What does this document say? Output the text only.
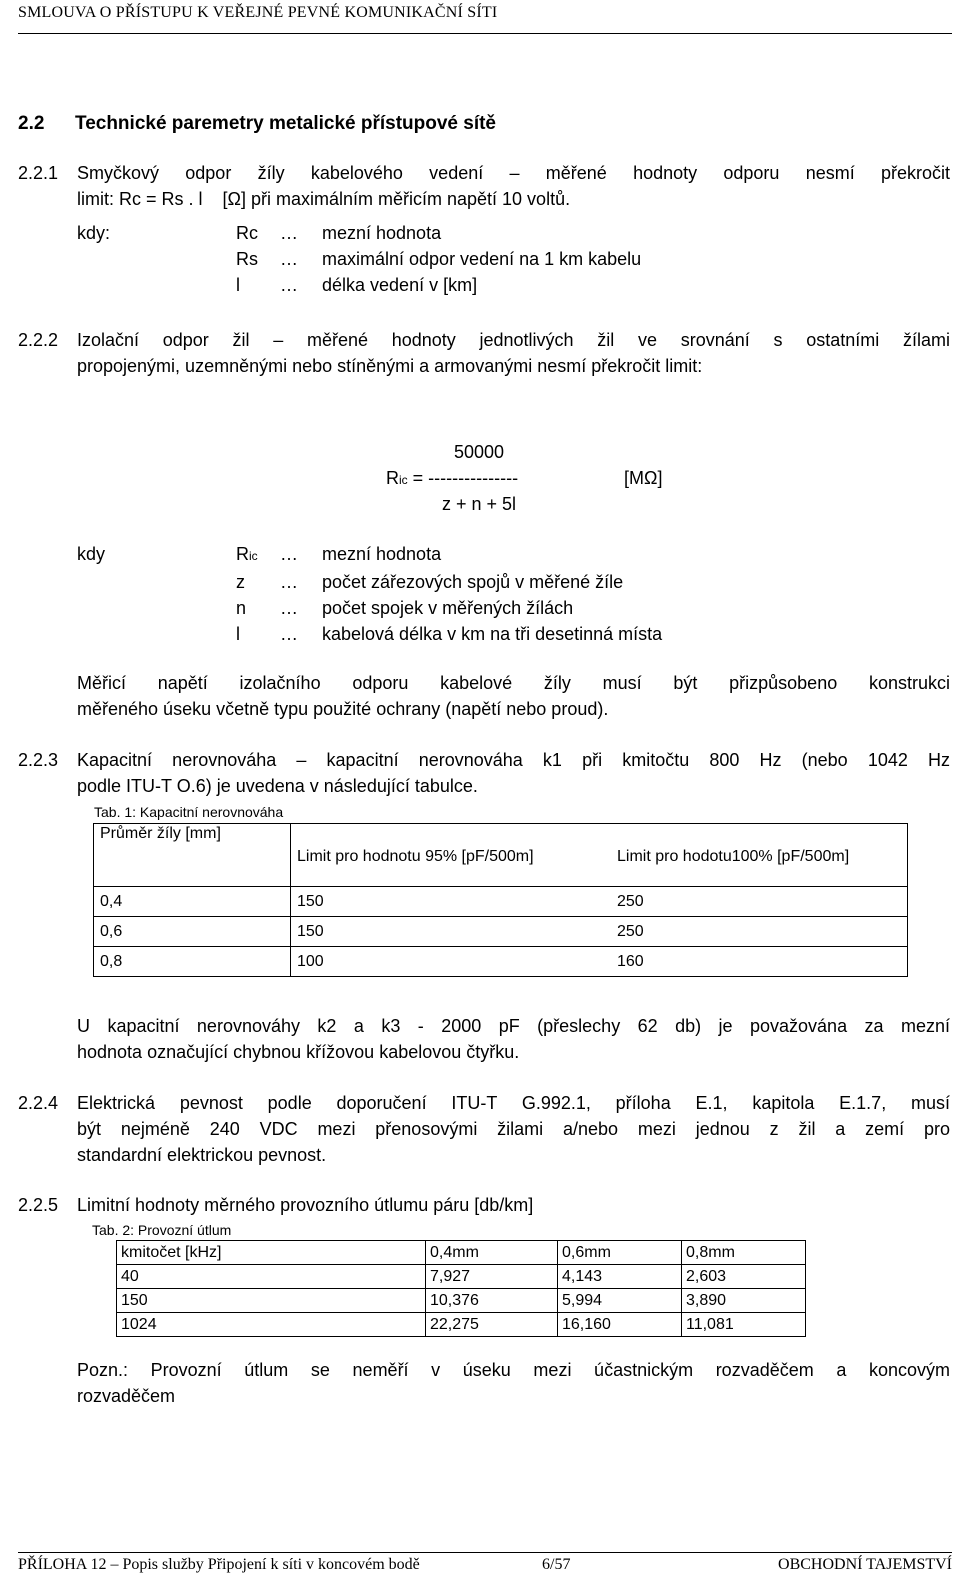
SMLOUVA O PŘÍSTUPU K VEŘEJNÉ PEVNÉ KOMUNIKAČNÍ SÍTI
2.2 Technické paremetry metalické přístupové sítě
2.2.1 Smyčkový odpor žíly kabelového vedení – měřené hodnoty odporu nesmí překročit
limit: Rc = Rs . l    [Ω] při maximálním měřicím napětí 10 voltů.
kdy:	Rc	…	mezní hodnota
Rs	…	maximální odpor vedení na 1 km kabelu
l	…	délka vedení v [km]
2.2.2 Izolační odpor žil – měřené hodnoty jednotlivých žil ve srovnání s ostatními žílami
propojenými, uzemněnými nebo stíněnými a armovanými nesmí překročit limit:
50000
Ric = ---------------	[MΩ]
z + n + 5l
kdy	Ric	…	mezní hodnota
z	…	počet zářezových spojů v měřené žíle
n	…	počet spojek v měřených žílách
l	…	kabelová délka v km na tři desetinná místa
Měřicí napětí izolačního odporu kabelové žíly musí být přizpůsobeno konstrukci
měřeného úseku včetně typu použité ochrany (napětí nebo proud).
2.2.3 Kapacitní nerovnováha – kapacitní nerovnováha k1 při kmitočtu 800 Hz (nebo 1042 Hz
podle ITU-T O.6) je uvedena v následující tabulce.
Tab. 1: Kapacitní nerovnováha
Průměr žíly [mm]	Limit pro hodnotu 95% [pF/500m]	Limit pro hodotu100% [pF/500m]
0,4	150	250
0,6	150	250
0,8	100	160
U kapacitní nerovnováhy k2 a k3 - 2000 pF (přeslechy 62 db) je považována za mezní
hodnota označující chybnou křížovou kabelovou čtyřku.
2.2.4 Elektrická pevnost podle doporučení ITU-T G.992.1, příloha E.1, kapitola E.1.7, musí
být nejméně 240 VDC mezi přenosovými žilami a/nebo mezi jednou z žil a zemí pro
standardní elektrickou pevnost.
2.2.5 Limitní hodnoty měrného provozního útlumu páru [db/km]
Tab. 2: Provozní útlum
kmitočet [kHz]	0,4mm	0,6mm	0,8mm
40	7,927	4,143	2,603
150	10,376	5,994	3,890
1024	22,275	16,160	11,081
Pozn.: Provozní útlum se neměří v úseku mezi účastnickým rozvaděčem a koncovým
rozvaděčem
PŘÍLOHA 12 – Popis služby Připojení k síti v koncovém bodě	6/57	OBCHODNÍ TAJEMSTVÍ
